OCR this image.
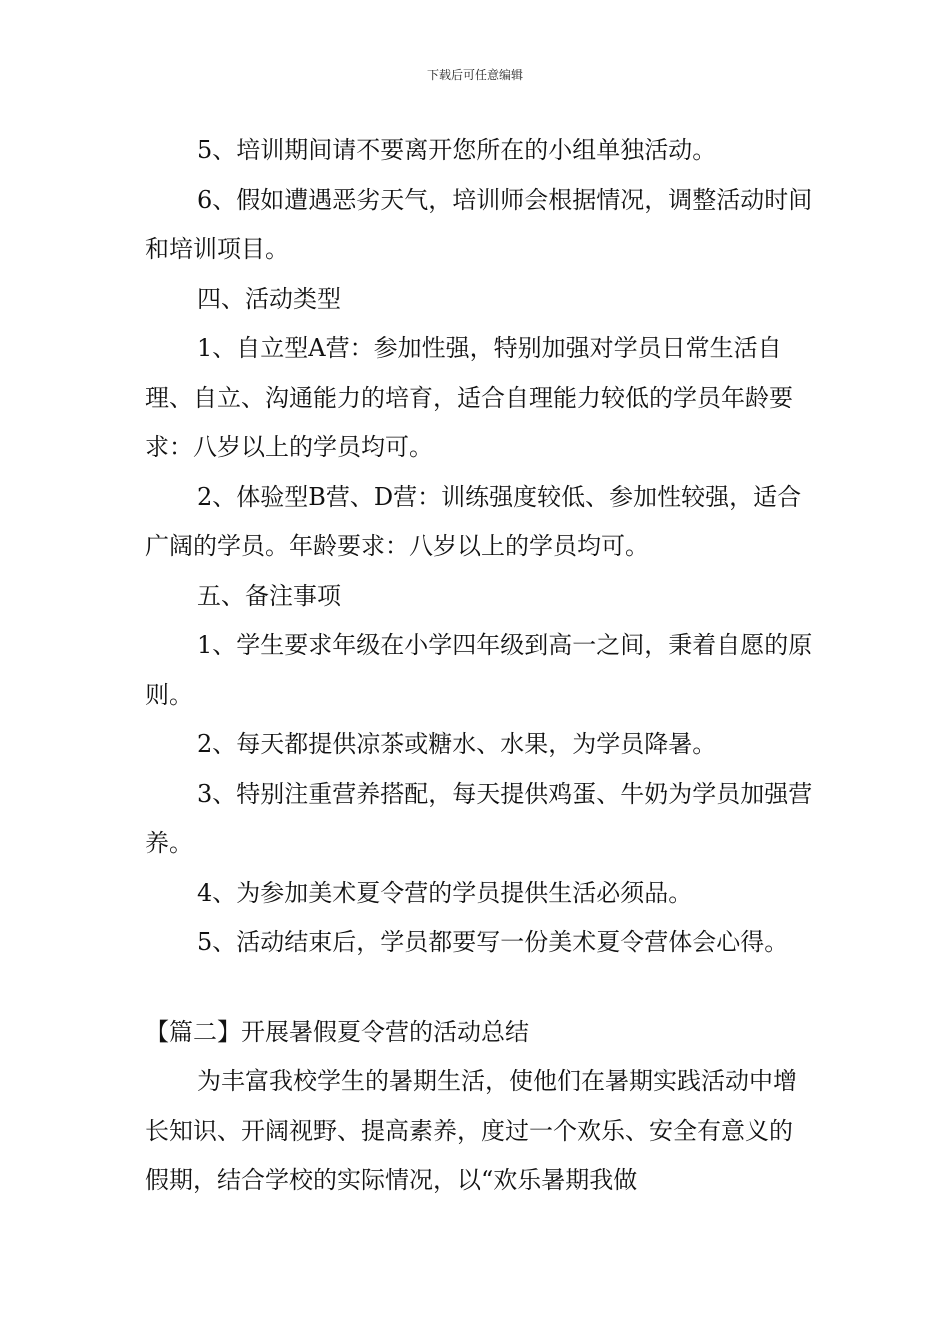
下载后可任意编辑

5、培训期间请不要离开您所在的小组单独活动。

6、假如遭遇恶劣天气，培训师会根据情况，调整活动时间和培训项目。

四、活动类型

1、自立型A营：参加性强，特别加强对学员日常生活自理、自立、沟通能力的培育，适合自理能力较低的学员年龄要求：八岁以上的学员均可。

2、体验型B营、D营：训练强度较低、参加性较强，适合广阔的学员。年龄要求：八岁以上的学员均可。

五、备注事项

1、学生要求年级在小学四年级到高一之间，秉着自愿的原则。

2、每天都提供凉茶或糖水、水果，为学员降暑。

3、特别注重营养搭配，每天提供鸡蛋、牛奶为学员加强营养。

4、为参加美术夏令营的学员提供生活必须品。

5、活动结束后，学员都要写一份美术夏令营体会心得。

【篇二】开展暑假夏令营的活动总结

为丰富我校学生的暑期生活，使他们在暑期实践活动中增长知识、开阔视野、提高素养，度过一个欢乐、安全有意义的假期，结合学校的实际情况，以“欢乐暑期我做
